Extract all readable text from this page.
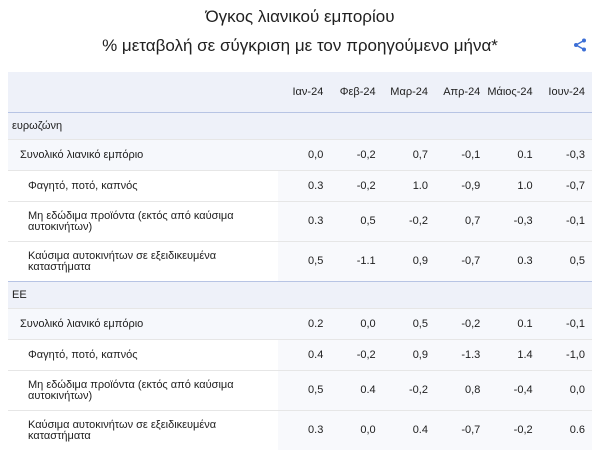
Όγκος λιανικού εμπορίου
% μεταβολή σε σύγκριση με τον προηγούμενο μήνα*
	Ιαν-24	Φεβ-24	Μαρ-24	Απρ-24	Μάιος-24	Ιουν-24
ευρωζώνη						
Συνολικό λιανικό εμπόριο	0,0	-0,2	0,7	-0,1	0.1	-0,3
Φαγητό, ποτό, καπνός	0.3	-0,2	1.0	-0,9	1.0	-0,7
Μη εδώδιμα προϊόντα (εκτός από καύσιμα αυτοκινήτων)	0.3	0,5	-0,2	0,7	-0,3	-0,1
Καύσιμα αυτοκινήτων σε εξειδικευμένα καταστήματα	0,5	-1.1	0,9	-0,7	0.3	0,5
ΕΕ						
Συνολικό λιανικό εμπόριο	0.2	0,0	0,5	-0,2	0.1	-0,1
Φαγητό, ποτό, καπνός	0.4	-0,2	0,9	-1.3	1.4	-1,0
Μη εδώδιμα προϊόντα (εκτός από καύσιμα αυτοκινήτων)	0,5	0.4	-0,2	0,8	-0,4	0,0
Καύσιμα αυτοκινήτων σε εξειδικευμένα καταστήματα	0.3	0,0	0.4	-0,7	-0,2	0.6
